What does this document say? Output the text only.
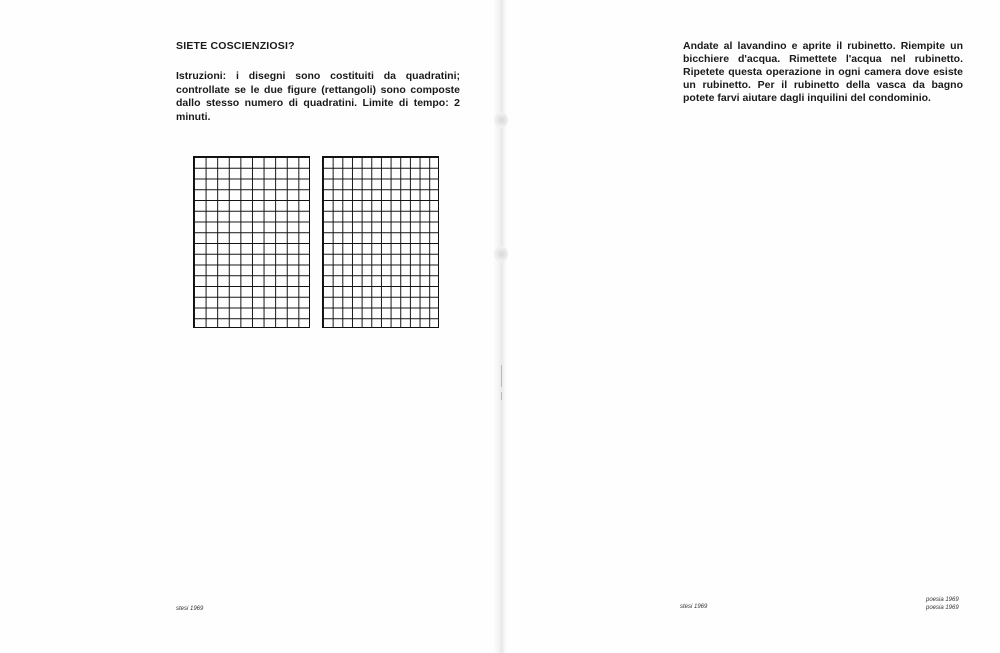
SIETE COSCIENZIOSI?

Istruzioni: i disegni sono costituiti da quadratini; controllate se le due figure (rettangoli) sono composte dallo stesso numero di quadratini. Limite di tempo: 2 minuti.

stesi 1969

Andate al lavandino e aprite il rubinetto. Riempite un bicchiere d'acqua. Rimettete l'acqua nel rubinetto. Ripetete questa operazione in ogni camera dove esiste un rubinetto. Per il rubinetto della vasca da bagno potete farvi aiutare dagli inquilini del condominio.

stesi 1969

poesia 1969
poesia 1969
